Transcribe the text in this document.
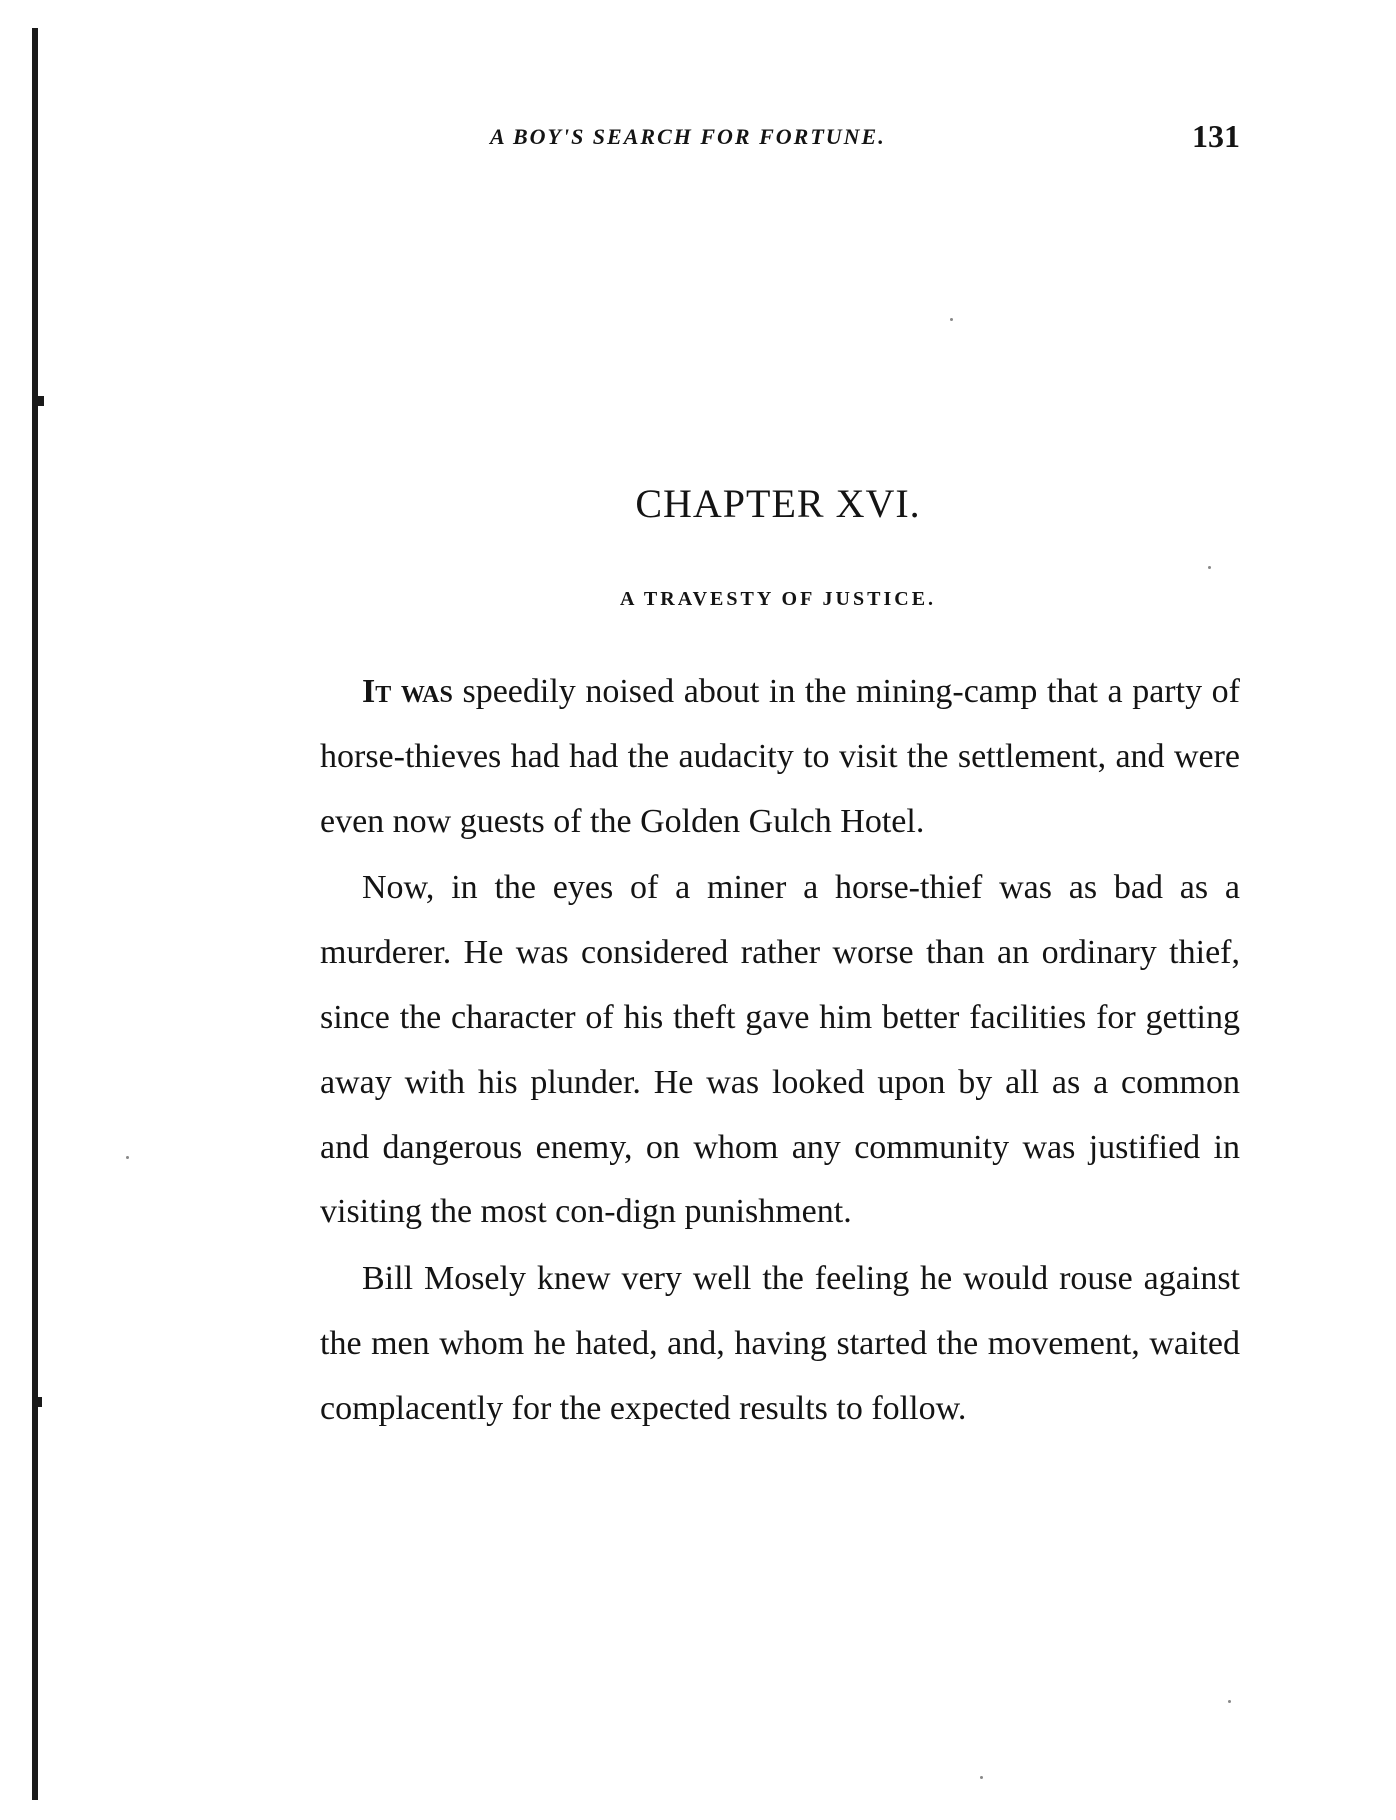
A BOY'S SEARCH FOR FORTUNE.	131
CHAPTER XVI.
A TRAVESTY OF JUSTICE.

It was speedily noised about in the mining-camp that a party of horse-thieves had had the audacity to visit the settlement, and were even now guests of the Golden Gulch Hotel.

Now, in the eyes of a miner a horse-thief was as bad as a murderer. He was considered rather worse than an ordinary thief, since the character of his theft gave him better facilities for getting away with his plunder. He was looked upon by all as a common and dangerous enemy, on whom any community was justified in visiting the most con-dign punishment.

Bill Mosely knew very well the feeling he would rouse against the men whom he hated, and, having started the movement, waited complacently for the expected results to follow.
